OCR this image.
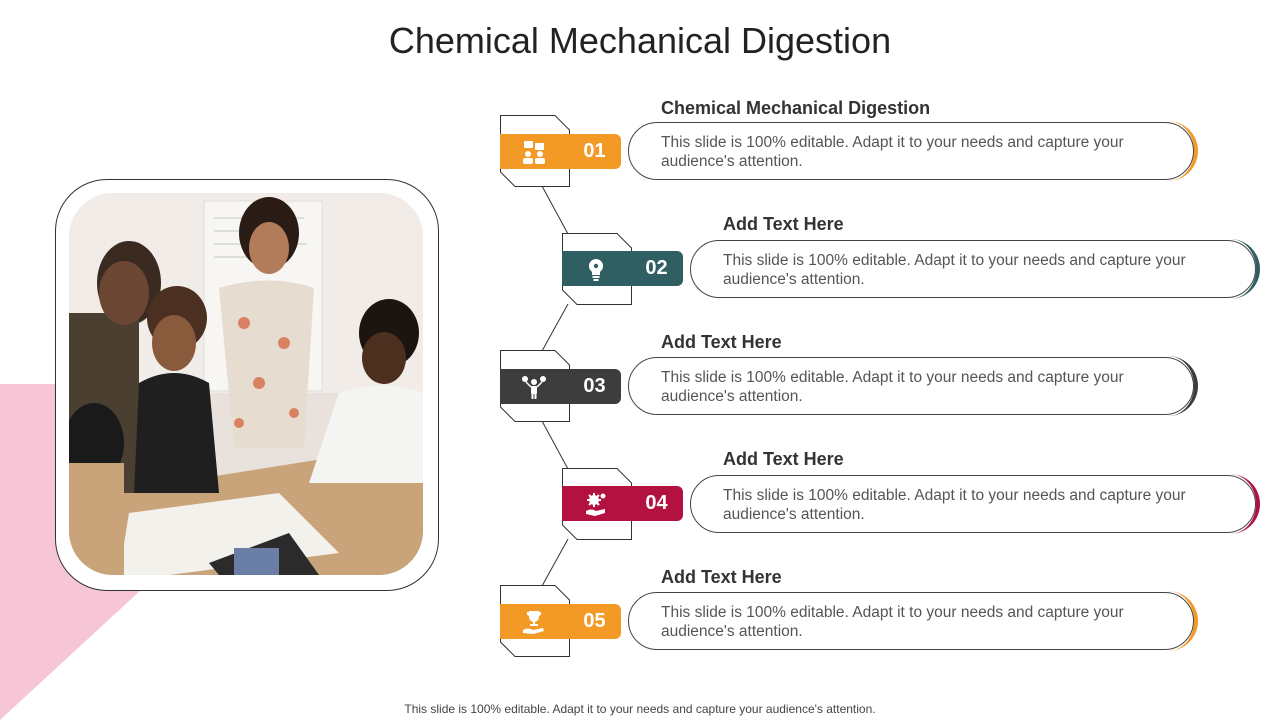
Chemical Mechanical Digestion
01
Chemical Mechanical Digestion
This slide is 100% editable. Adapt it to your needs and capture your audience's attention.
02
Add Text Here
This slide is 100% editable. Adapt it to your needs and capture your audience's attention.
03
Add Text Here
This slide is 100% editable. Adapt it to your needs and capture your audience's attention.
04
Add Text Here
This slide is 100% editable. Adapt it to your needs and capture your audience's attention.
05
Add Text Here
This slide is 100% editable. Adapt it to your needs and capture your audience's attention.
This slide is 100% editable. Adapt it to your needs and capture your audience's attention.
